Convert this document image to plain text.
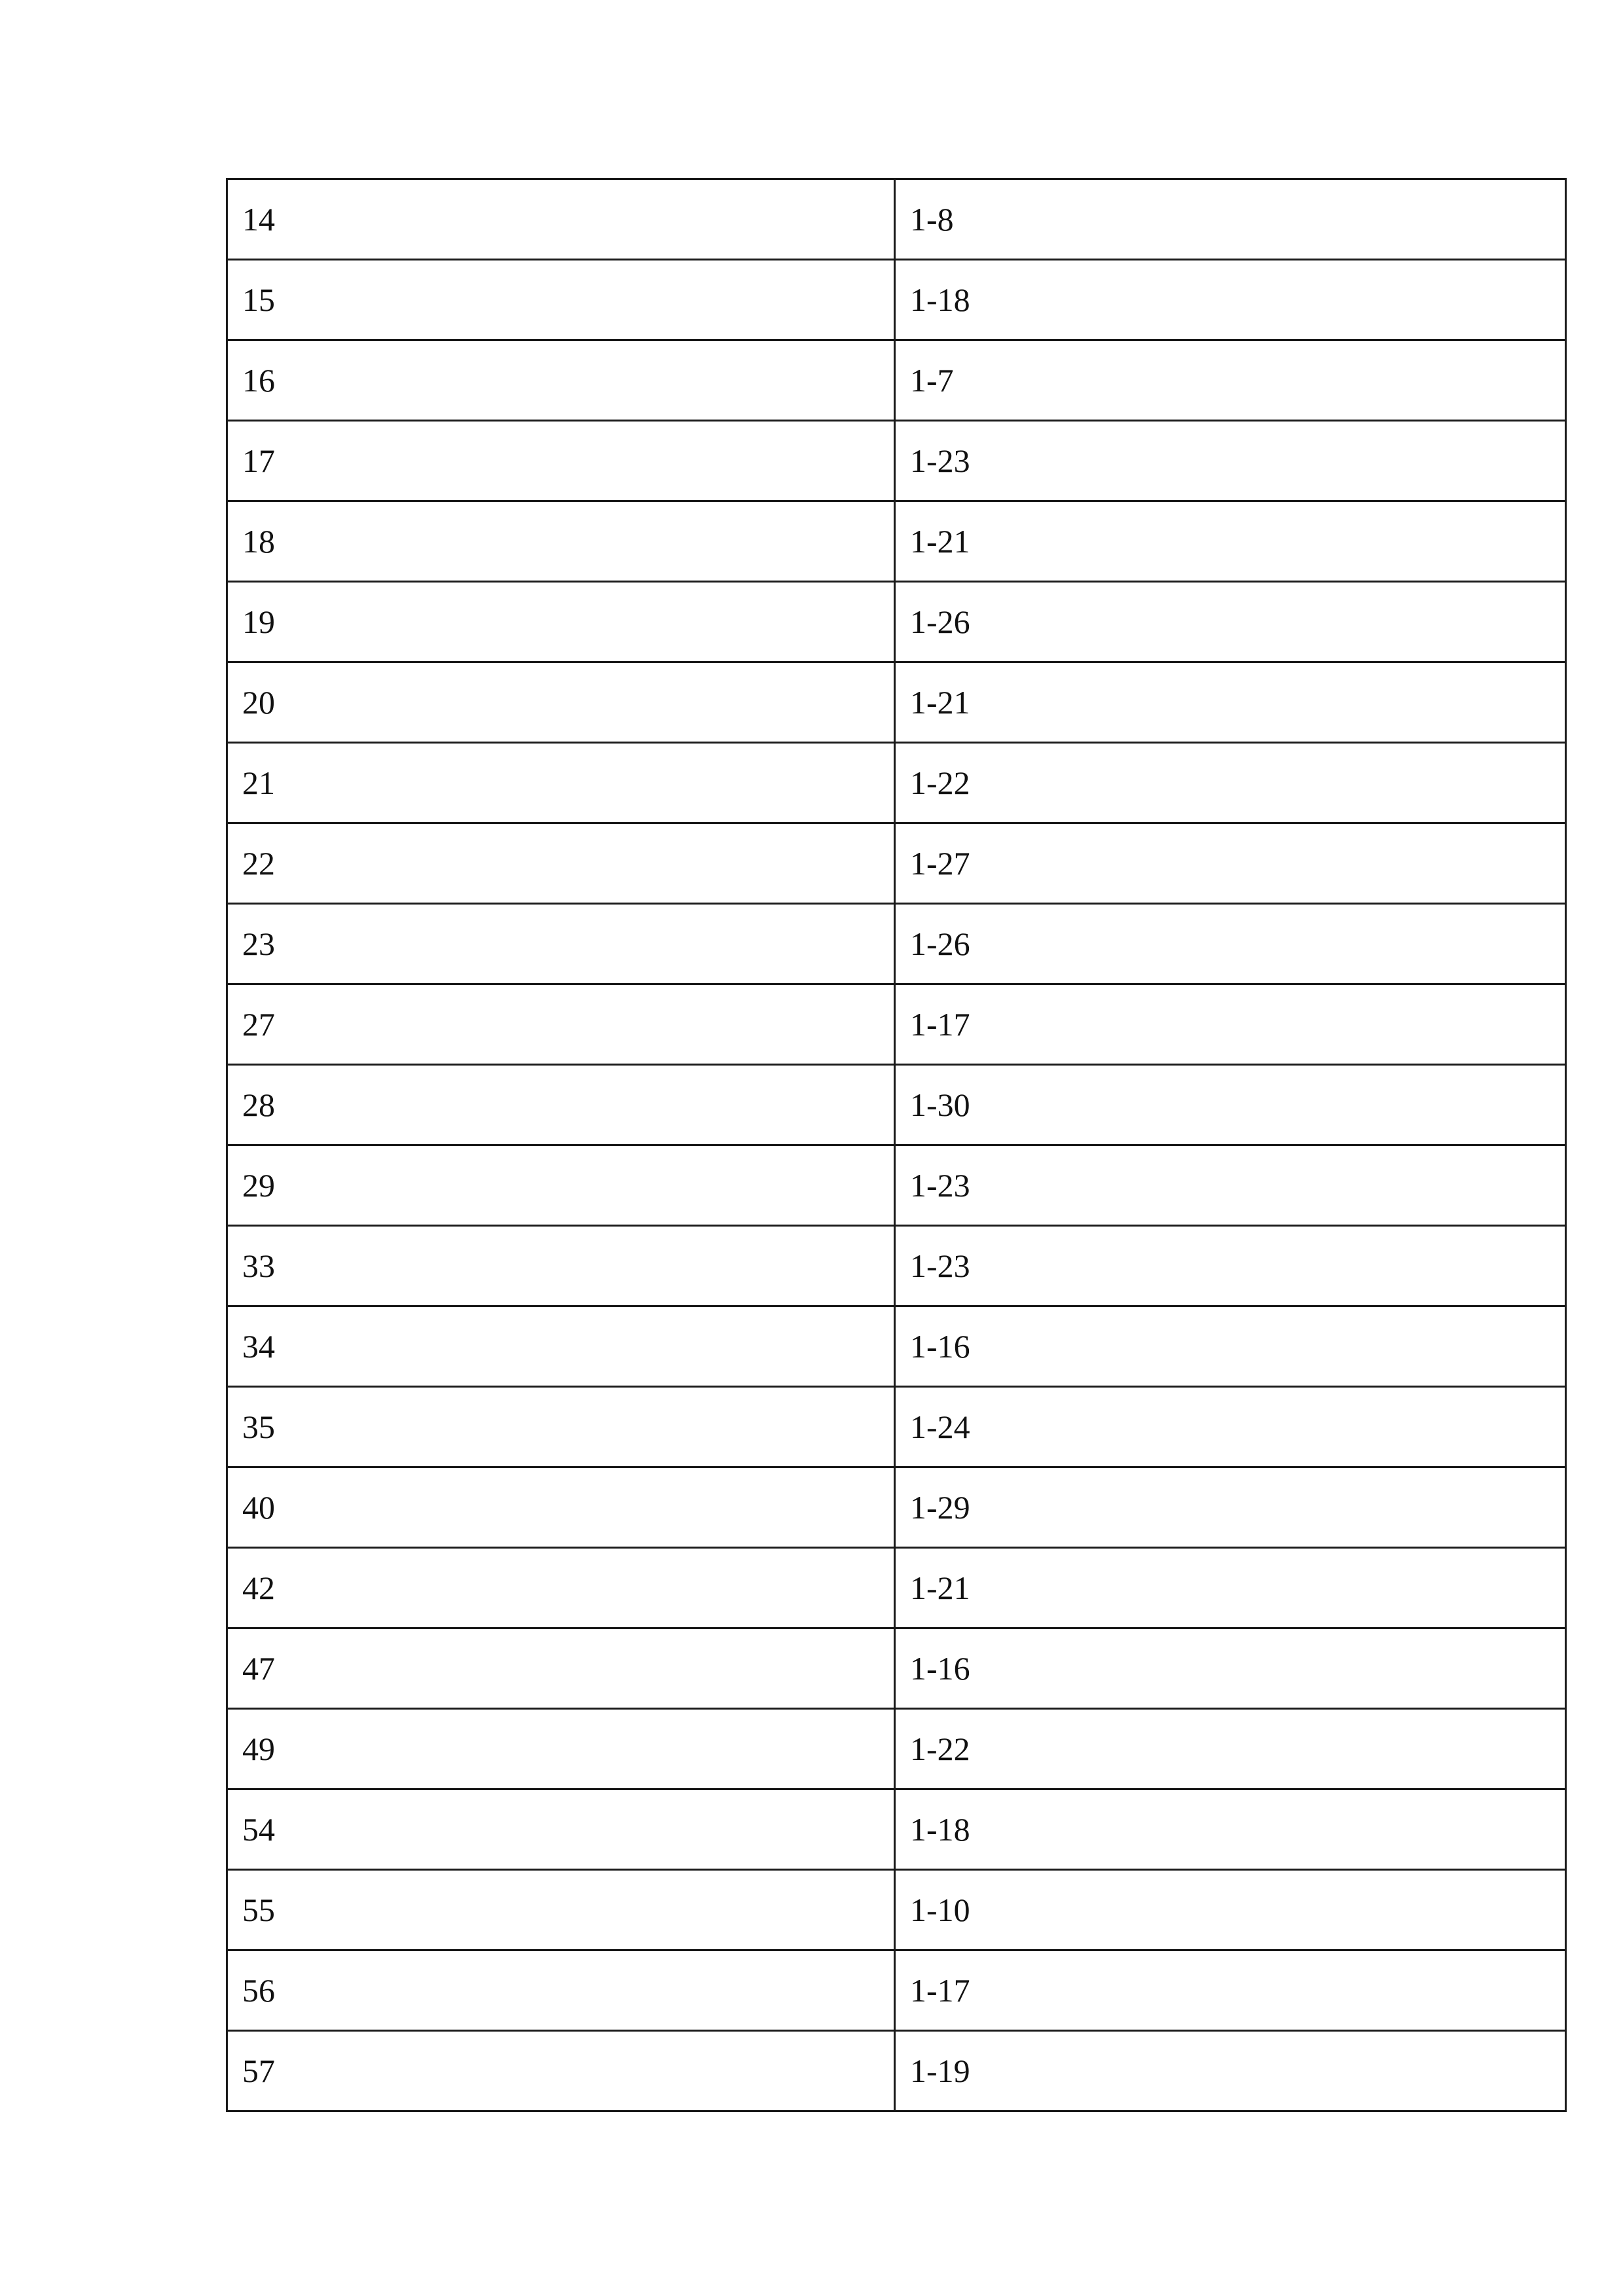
14	1-8
15	1-18
16	1-7
17	1-23
18	1-21
19	1-26
20	1-21
21	1-22
22	1-27
23	1-26
27	1-17
28	1-30
29	1-23
33	1-23
34	1-16
35	1-24
40	1-29
42	1-21
47	1-16
49	1-22
54	1-18
55	1-10
56	1-17
57	1-19
